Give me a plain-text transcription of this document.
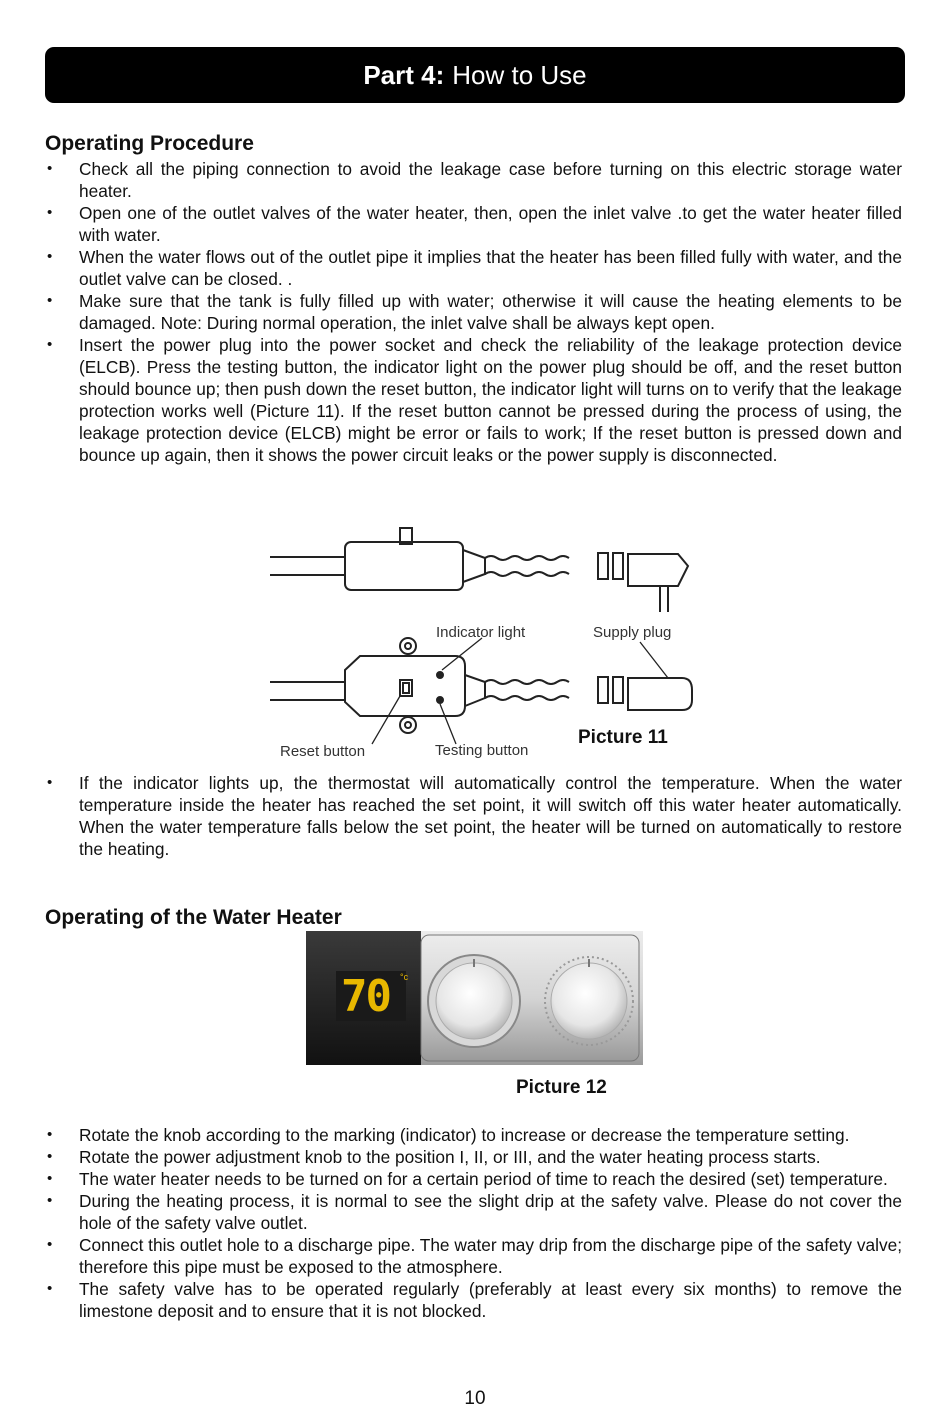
Part 4: How to Use
Operating Procedure
• Check all the piping connection to avoid the leakage case before turning on this electric storage water heater.
• Open one of the outlet valves of the water heater, then, open the inlet valve .to get the water heater filled with water.
• When the water flows out of the outlet pipe it implies that the heater has been filled fully with water, and the outlet valve can be closed. .
• Make sure that the tank is fully filled up with water; otherwise it will cause the heating elements to be damaged. Note: During normal operation, the inlet valve shall be always kept open.
• Insert the power plug into the power socket and check the reliability of the leakage protection device (ELCB). Press the testing button, the indicator light on the power plug should be off, and the reset button should bounce up; then push down the reset button, the indicator light will turns on to verify that the leakage protection works well (Picture 11). If the reset button cannot be pressed during the process of using, the leakage protection device (ELCB) might be error or fails to work; If the reset button is pressed down and bounce up again, then it shows the power circuit leaks or the power supply is disconnected.
Indicator light	Supply plug
Reset button	Testing button
Picture 11
• If the indicator lights up, the thermostat will automatically control the temperature. When the water temperature inside the heater has reached the set point, it will switch off this water heater automatically. When the water temperature falls below the set point, the heater will be turned on automatically to restore the heating.
Operating of the Water Heater
70 °c
Picture 12
• Rotate the knob according to the marking (indicator) to increase or decrease the temperature setting.
• Rotate the power adjustment knob to the position I, II, or III, and the water heating process starts.
• The water heater needs to be turned on for a certain period of time to reach the desired (set) temperature.
• During the heating process, it is normal to see the slight drip at the safety valve. Please do not cover the hole of the safety valve outlet.
• Connect this outlet hole to a discharge pipe. The water may drip from the discharge pipe of the safety valve; therefore this pipe must be exposed to the atmosphere.
• The safety valve has to be operated regularly (preferably at least every six months) to remove the limestone deposit and to ensure that it is not blocked.
10
